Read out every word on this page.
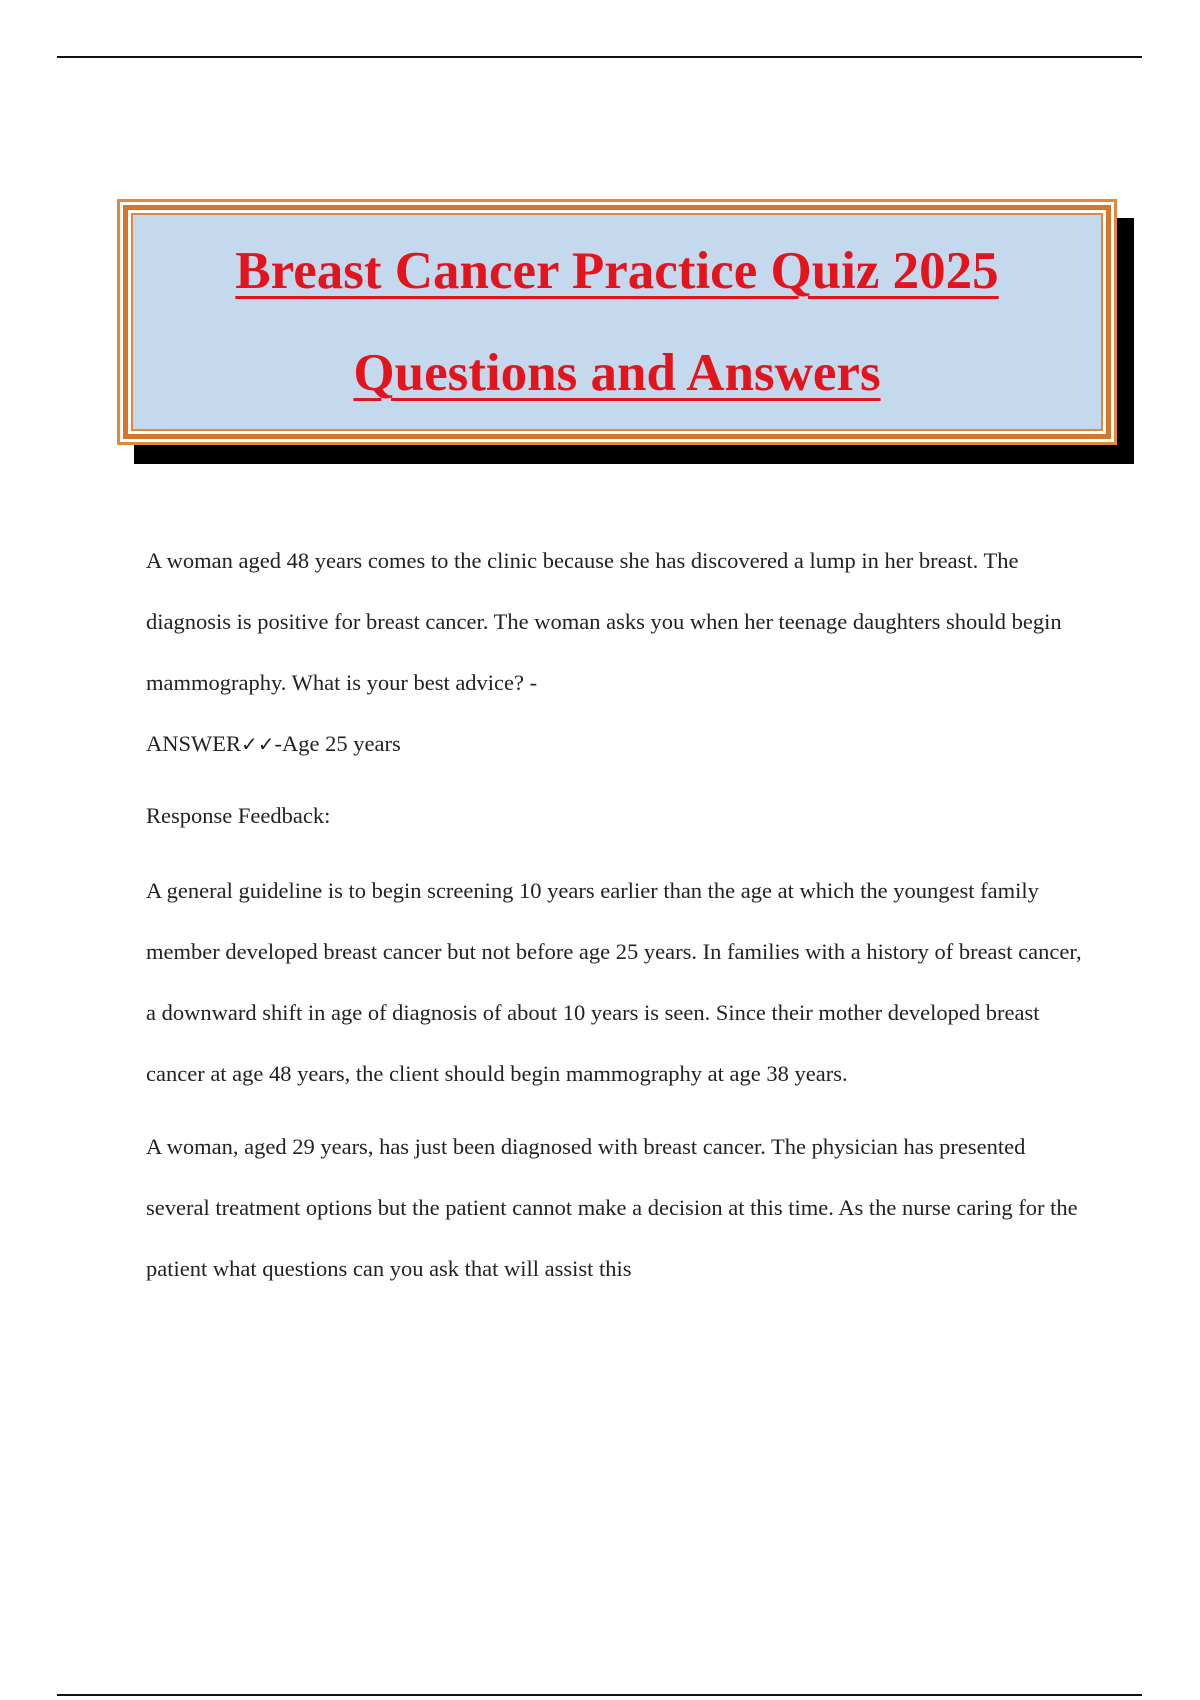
Breast Cancer Practice Quiz 2025
Questions and Answers

A woman aged 48 years comes to the clinic because she has discovered a lump in her breast. The diagnosis is positive for breast cancer. The woman asks you when her teenage daughters should begin mammography. What is your best advice? -

ANSWER✓✓-Age 25 years

Response Feedback:

A general guideline is to begin screening 10 years earlier than the age at which the youngest family member developed breast cancer but not before age 25 years. In families with a history of breast cancer, a downward shift in age of diagnosis of about 10 years is seen. Since their mother developed breast cancer at age 48 years, the client should begin mammography at age 38 years.

A woman, aged 29 years, has just been diagnosed with breast cancer. The physician has presented several treatment options but the patient cannot make a decision at this time. As the nurse caring for the patient what questions can you ask that will assist this
